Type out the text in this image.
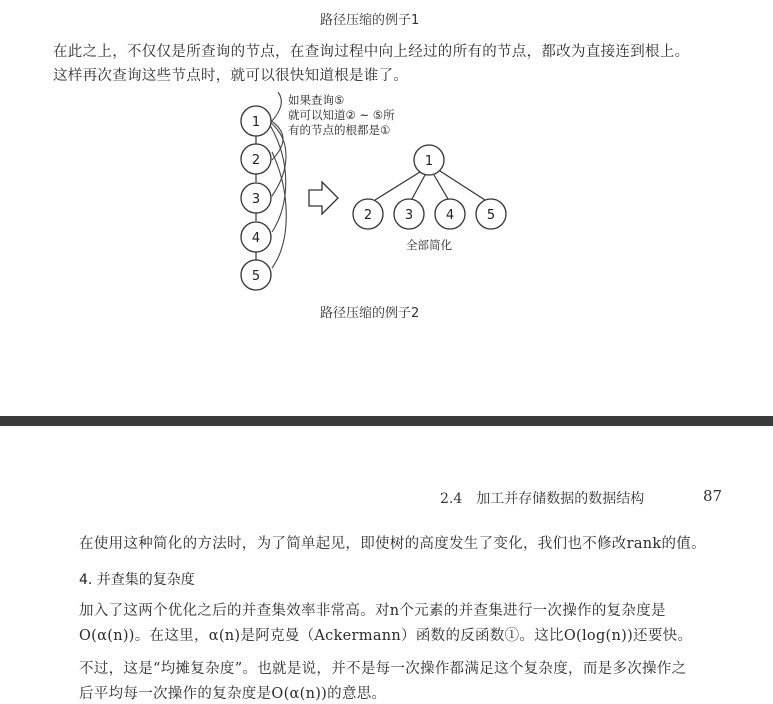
路径压缩的例子1
在此之上，不仅仅是所查询的节点，在查询过程中向上经过的所有的节点，都改为直接连到根上。
这样再次查询这些节点时，就可以很快知道根是谁了。
如果查询⑤
就可以知道② ~ ⑤所
有的节点的根都是①
1
2
3
4
5
1
2	3	4	5
全部简化
路径压缩的例子2
2.4　加工并存储数据的数据结构	87
在使用这种简化的方法时，为了简单起见，即使树的高度发生了变化，我们也不修改rank的值。
4. 并查集的复杂度
加入了这两个优化之后的并查集效率非常高。对n个元素的并查集进行一次操作的复杂度是
O(α(n))。在这里，α(n)是阿克曼（Ackermann）函数的反函数①。这比O(log(n))还要快。
不过，这是“均摊复杂度”。也就是说，并不是每一次操作都满足这个复杂度，而是多次操作之
后平均每一次操作的复杂度是O(α(n))的意思。
